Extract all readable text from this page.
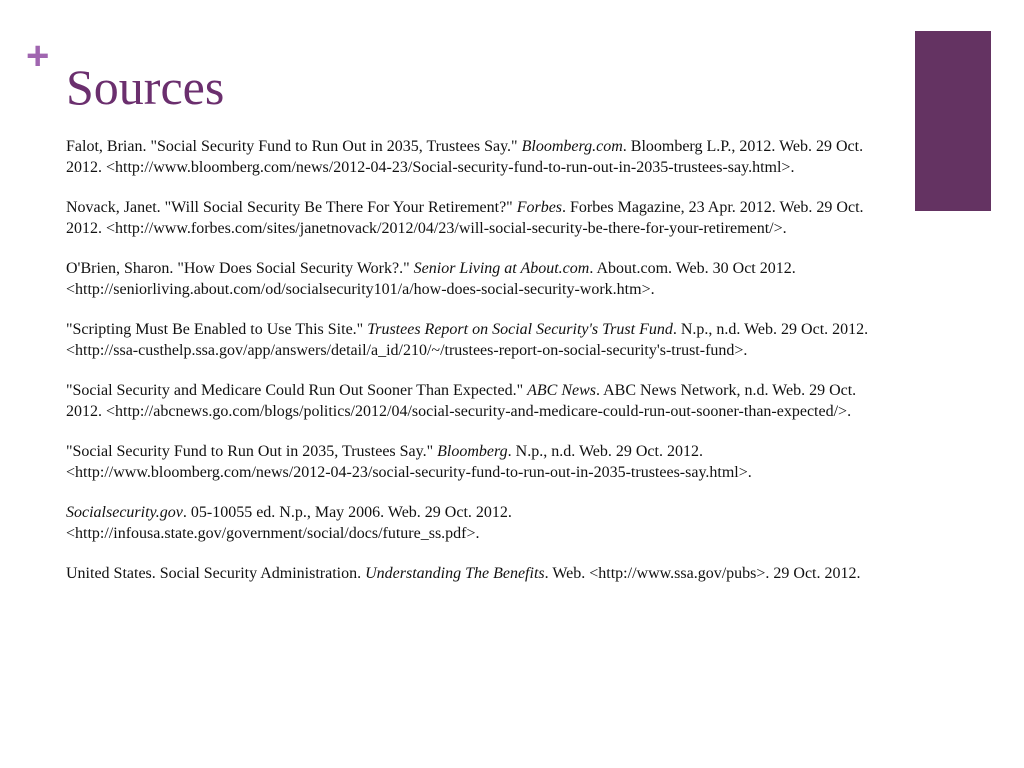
+
Sources

Falot, Brian. "Social Security Fund to Run Out in 2035, Trustees Say." Bloomberg.com. Bloomberg L.P., 2012. Web. 29 Oct. 2012. <http://www.bloomberg.com/news/2012-04-23/Social-security-fund-to-run-out-in-2035-trustees-say.html>.

Novack, Janet. "Will Social Security Be There For Your Retirement?" Forbes. Forbes Magazine, 23 Apr. 2012. Web. 29 Oct. 2012. <http://www.forbes.com/sites/janetnovack/2012/04/23/will-social-security-be-there-for-your-retirement/>.

O'Brien, Sharon. "How Does Social Security Work?." Senior Living at About.com. About.com. Web. 30 Oct 2012. <http://seniorliving.about.com/od/socialsecurity101/a/how-does-social-security-work.htm>.

"Scripting Must Be Enabled to Use This Site." Trustees Report on Social Security's Trust Fund. N.p., n.d. Web. 29 Oct. 2012. <http://ssa-custhelp.ssa.gov/app/answers/detail/a_id/210/~/trustees-report-on-social-security's-trust-fund>.

"Social Security and Medicare Could Run Out Sooner Than Expected." ABC News. ABC News Network, n.d. Web. 29 Oct. 2012. <http://abcnews.go.com/blogs/politics/2012/04/social-security-and-medicare-could-run-out-sooner-than-expected/>.

"Social Security Fund to Run Out in 2035, Trustees Say." Bloomberg. N.p., n.d. Web. 29 Oct. 2012. <http://www.bloomberg.com/news/2012-04-23/social-security-fund-to-run-out-in-2035-trustees-say.html>.

Socialsecurity.gov. 05-10055 ed. N.p., May 2006. Web. 29 Oct. 2012. <http://infousa.state.gov/government/social/docs/future_ss.pdf>.

United States. Social Security Administration. Understanding The Benefits. Web. <http://www.ssa.gov/pubs>. 29 Oct. 2012.
